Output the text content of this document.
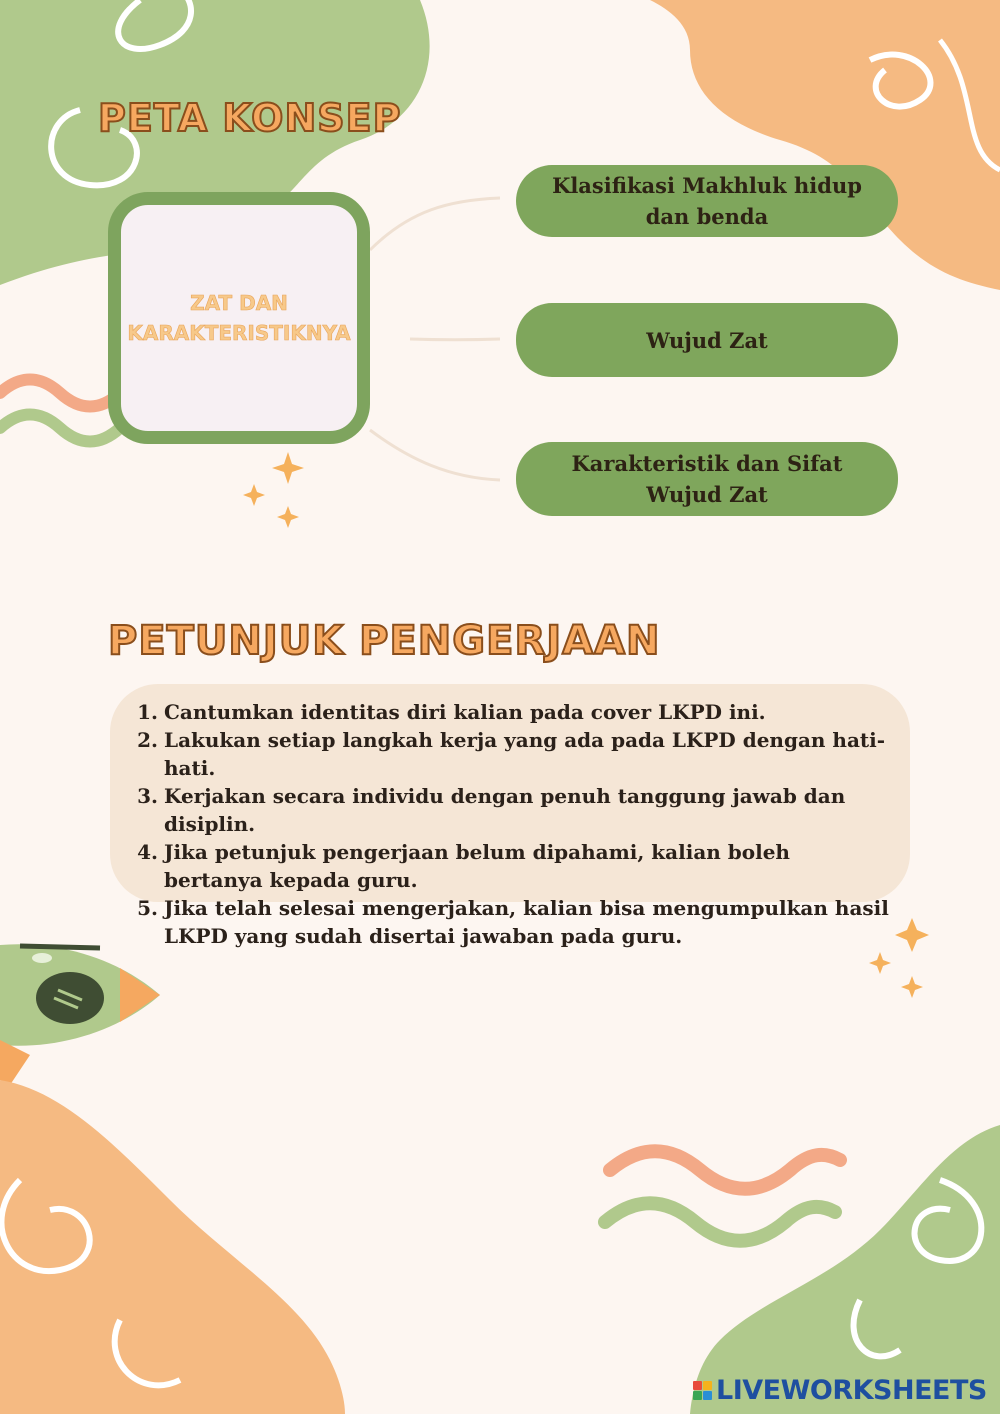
PETA KONSEP
ZAT DAN KARAKTERISTIKNYA
Klasifikasi Makhluk hidup dan benda
Wujud Zat
Karakteristik dan Sifat Wujud Zat
PETUNJUK PENGERJAAN
1. Cantumkan identitas diri kalian pada cover LKPD ini.
2. Lakukan setiap langkah kerja yang ada pada LKPD dengan hati-hati.
3. Kerjakan secara individu dengan penuh tanggung jawab dan disiplin.
4. Jika petunjuk pengerjaan belum dipahami, kalian boleh bertanya kepada guru.
5. Jika telah selesai mengerjakan, kalian bisa mengumpulkan hasil LKPD yang sudah disertai jawaban pada guru.
LIVEWORKSHEETS
